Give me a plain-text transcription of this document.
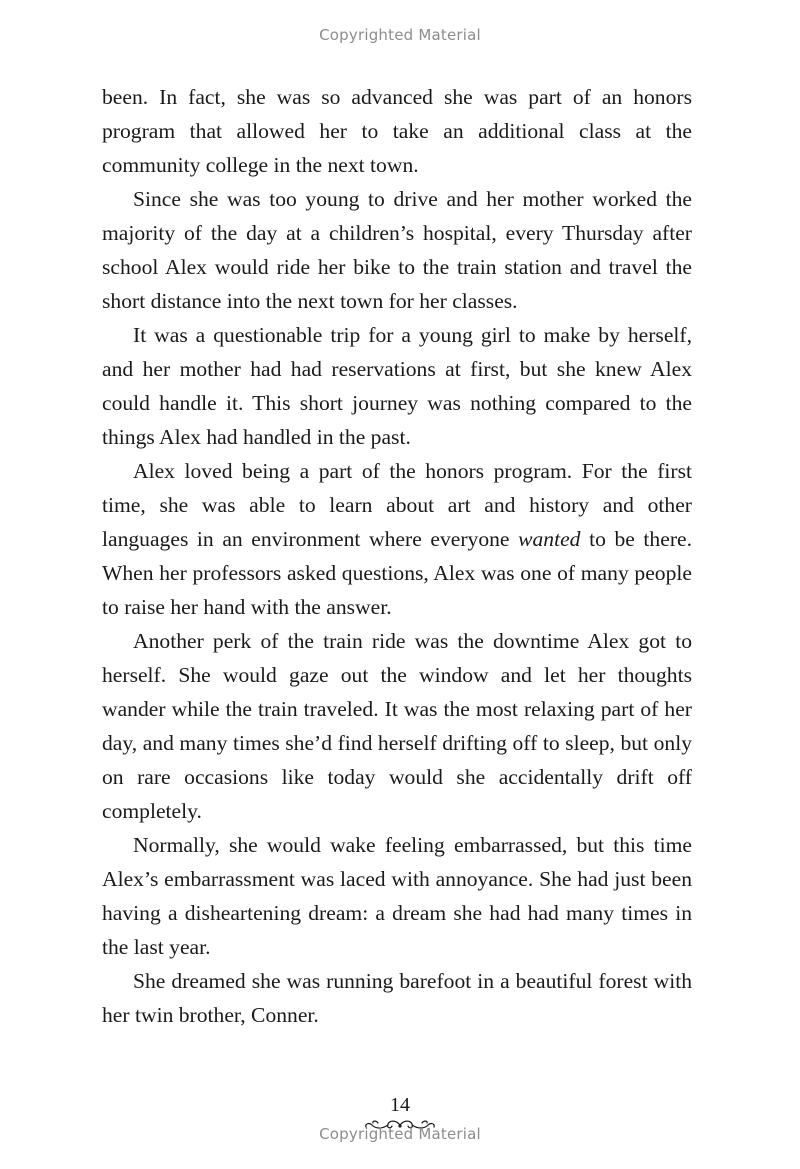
Copyrighted Material

been. In fact, she was so advanced she was part of an honors program that allowed her to take an additional class at the community college in the next town.

Since she was too young to drive and her mother worked the majority of the day at a children’s hospital, every Thursday after school Alex would ride her bike to the train station and travel the short distance into the next town for her classes.

It was a questionable trip for a young girl to make by herself, and her mother had had reservations at first, but she knew Alex could handle it. This short journey was nothing compared to the things Alex had handled in the past.

Alex loved being a part of the honors program. For the first time, she was able to learn about art and history and other languages in an environment where everyone wanted to be there. When her professors asked questions, Alex was one of many people to raise her hand with the answer.

Another perk of the train ride was the downtime Alex got to herself. She would gaze out the window and let her thoughts wander while the train traveled. It was the most relaxing part of her day, and many times she’d find herself drifting off to sleep, but only on rare occasions like today would she accidentally drift off completely.

Normally, she would wake feeling embarrassed, but this time Alex’s embarrassment was laced with annoyance. She had just been having a disheartening dream: a dream she had had many times in the last year.

She dreamed she was running barefoot in a beautiful forest with her twin brother, Conner.

14
Copyrighted Material
